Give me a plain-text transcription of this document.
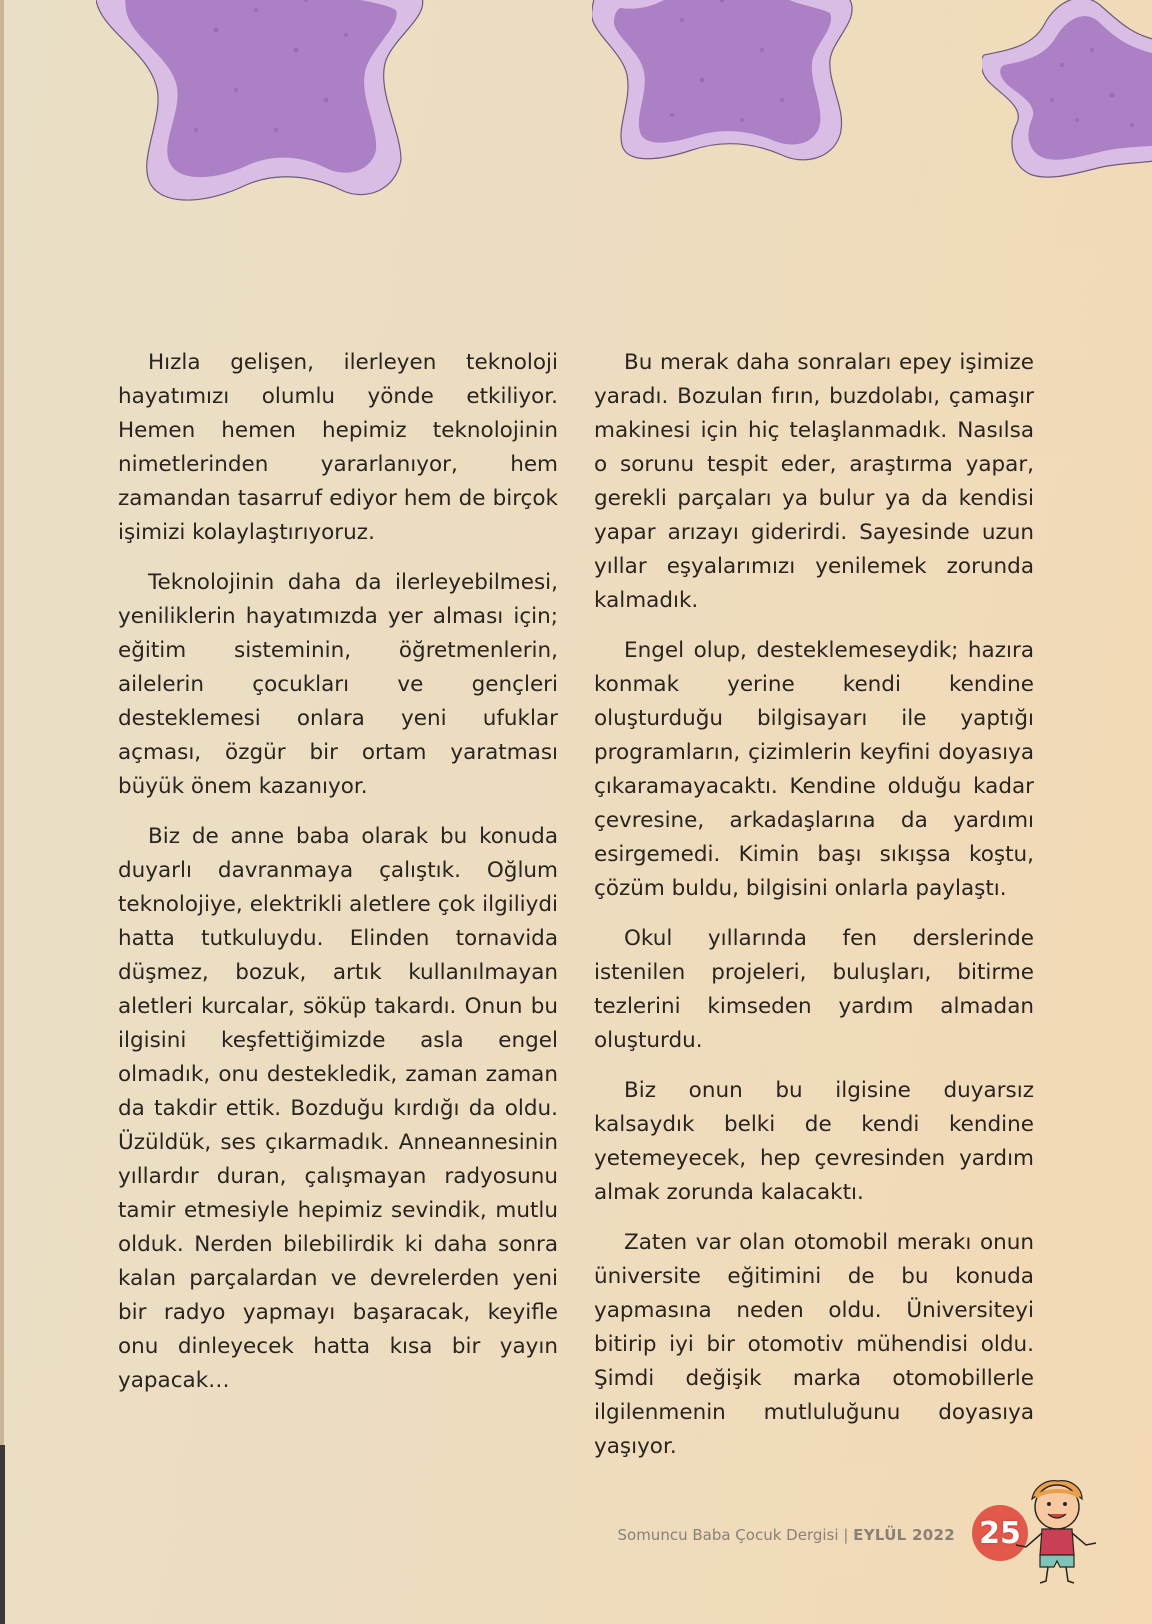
Hızla gelişen, ilerleyen teknoloji hayatımızı olumlu yönde etkiliyor. Hemen hemen hepimiz teknolojinin nimetlerinden yararlanıyor, hem zamandan tasarruf ediyor hem de birçok işimizi kolaylaştırıyoruz.

Teknolojinin daha da ilerleyebilmesi, yeniliklerin hayatımızda yer alması için; eğitim sisteminin, öğretmenlerin, ailelerin çocukları ve gençleri desteklemesi onlara yeni ufuklar açması, özgür bir ortam yaratması büyük önem kazanıyor.

Biz de anne baba olarak bu konuda duyarlı davranmaya çalıştık. Oğlum teknolojiye, elektrikli aletlere çok ilgiliydi hatta tutkuluydu. Elinden tornavida düşmez, bozuk, artık kullanılmayan aletleri kurcalar, söküp takardı. Onun bu ilgisini keşfettiğimizde asla engel olmadık, onu destekledik, zaman zaman da takdir ettik. Bozduğu kırdığı da oldu. Üzüldük, ses çıkarmadık. Anneannesinin yıllardır duran, çalışmayan radyosunu tamir etmesiyle hepimiz sevindik, mutlu olduk. Nerden bilebilirdik ki daha sonra kalan parçalardan ve devrelerden yeni bir radyo yapmayı başaracak, keyifle onu dinleyecek hatta kısa bir yayın yapacak…

Bu merak daha sonraları epey işimize yaradı. Bozulan fırın, buzdolabı, çamaşır makinesi için hiç telaşlanmadık. Nasılsa o sorunu tespit eder, araştırma yapar, gerekli parçaları ya bulur ya da kendisi yapar arızayı giderirdi. Sayesinde uzun yıllar eşyalarımızı yenilemek zorunda kalmadık.

Engel olup, desteklemeseydik; hazıra konmak yerine kendi kendine oluşturduğu bilgisayarı ile yaptığı programların, çizimlerin keyfini doyasıya çıkaramayacaktı. Kendine olduğu kadar çevresine, arkadaşlarına da yardımı esirgemedi. Kimin başı sıkışsa koştu, çözüm buldu, bilgisini onlarla paylaştı.

Okul yıllarında fen derslerinde istenilen projeleri, buluşları, bitirme tezlerini kimseden yardım almadan oluşturdu.

Biz onun bu ilgisine duyarsız kalsaydık belki de kendi kendine yetemeyecek, hep çevresinden yardım almak zorunda kalacaktı.

Zaten var olan otomobil merakı onun üniversite eğitimini de bu konuda yapmasına neden oldu. Üniversiteyi bitirip iyi bir otomotiv mühendisi oldu. Şimdi değişik marka otomobillerle ilgilenmenin mutluluğunu doyasıya yaşıyor.

Somuncu Baba Çocuk Dergisi | EYLÜL 2022 25
